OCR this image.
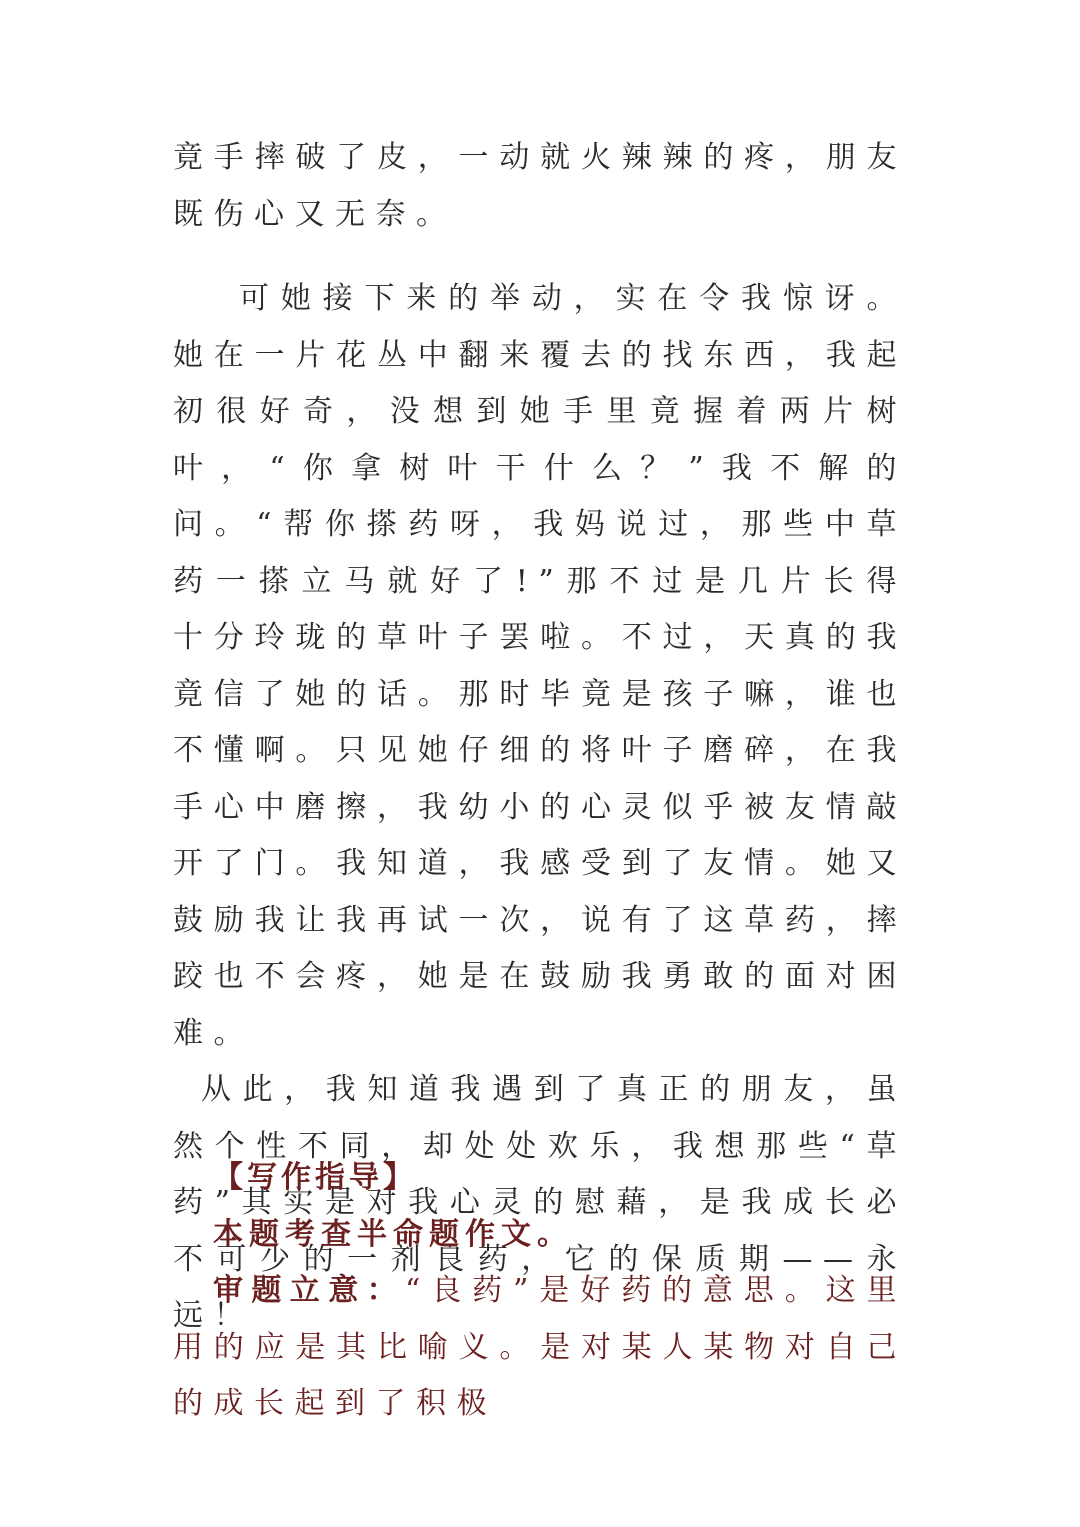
竟手摔破了皮，一动就火辣辣的疼，朋友既伤心又无奈。

可她接下来的举动，实在令我惊讶。她在一片花丛中翻来覆去的找东西，我起初很好奇，没想到她手里竟握着两片树叶，“你拿树叶干什么？”我不解的问。“帮你搽药呀，我妈说过，那些中草药一搽立马就好了!”那不过是几片长得十分玲珑的草叶子罢啦。不过，天真的我竟信了她的话。那时毕竟是孩子嘛，谁也不懂啊。只见她仔细的将叶子磨碎，在我手心中磨擦，我幼小的心灵似乎被友情敲开了门。我知道，我感受到了友情。她又鼓励我让我再试一次，说有了这草药，摔跤也不会疼，她是在鼓励我勇敢的面对困难。

从此，我知道我遇到了真正的朋友，虽然个性不同，却处处欢乐，我想那些“草药”其实是对我心灵的慰藉，是我成长必不可少的一剂良药，它的保质期——永远！

【写作指导】
本题考查半命题作文。

审题立意：“良药”是好药的意思。这里用的应是其比喻义。是对某人某物对自己的成长起到了积极
